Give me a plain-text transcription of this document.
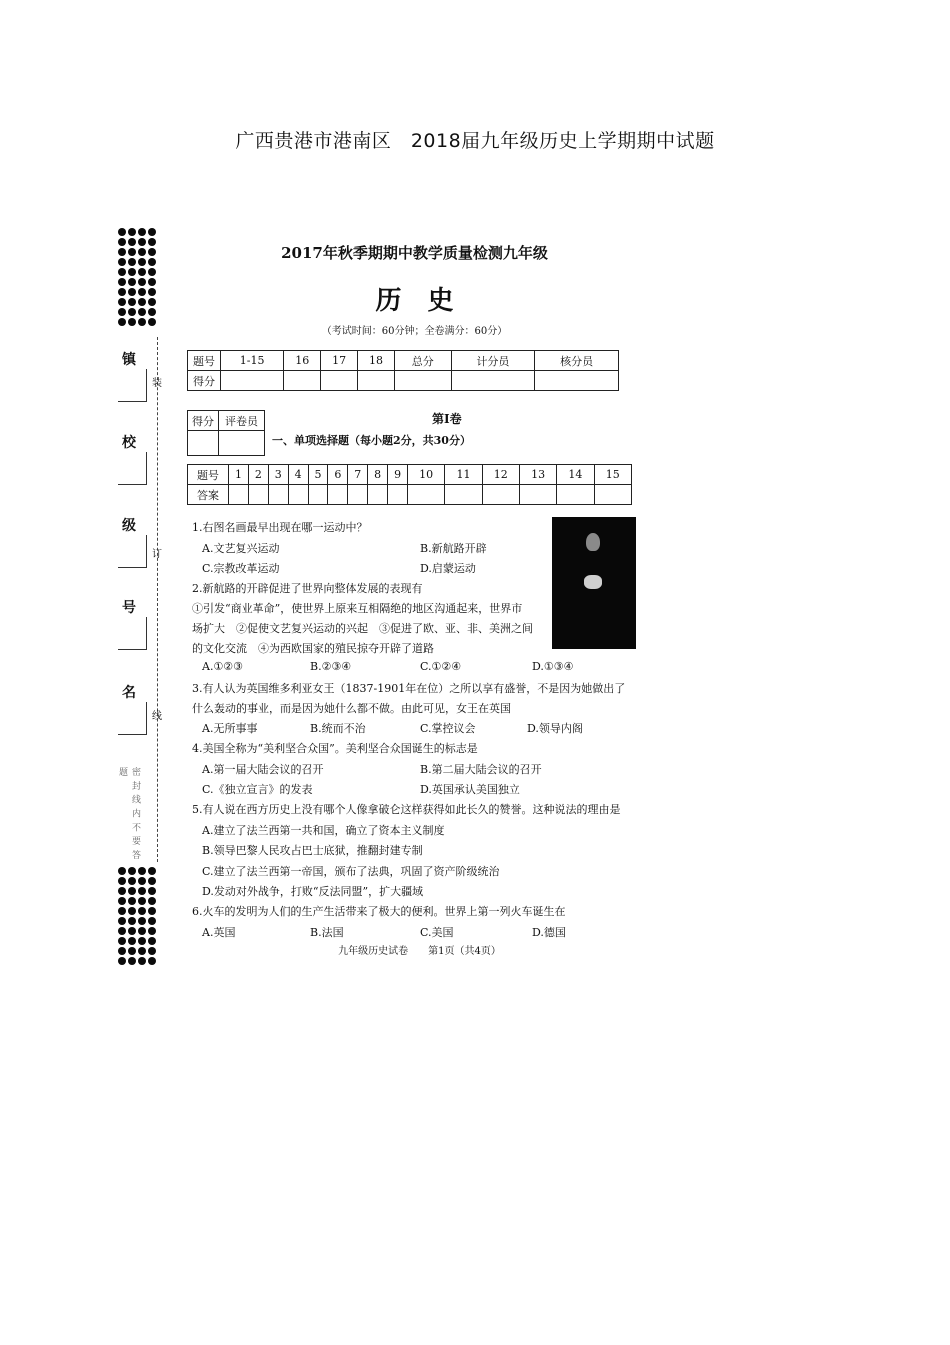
广西贵港市港南区　2018届九年级历史上学期期中试题
镇
装
校
级
订
号
名
线
密 封 线 内 不 要 答 题
2017年秋季期期中教学质量检测九年级
历　史
（考试时间：60分钟；全卷满分：60分）
题号	1-15	16	17	18	总分	计分员	核分员
得分							
得分	评卷员
		第Ⅰ卷
一、单项选择题（每小题2分，共30分）
题号	1	2	3	4	5	6	7	8	9	10	11	12	13	14	15
答案															
1.右图名画最早出现在哪一运动中？
A.文艺复兴运动	B.新航路开辟
C.宗教改革运动	D.启蒙运动
2.新航路的开辟促进了世界向整体发展的表现有
①引发“商业革命”，使世界上原来互相隔绝的地区沟通起来，世界市
场扩大　②促使文艺复兴运动的兴起　③促进了欧、亚、非、美洲之间
的文化交流　④为西欧国家的殖民掠夺开辟了道路
A.①②③	B.②③④	C.①②④	D.①③④
3.有人认为英国维多利亚女王（1837-1901年在位）之所以享有盛誉，不是因为她做出了
什么轰动的事业，而是因为她什么都不做。由此可见，女王在英国
A.无所事事	B.统而不治	C.掌控议会	D.领导内阁
4.美国全称为“美利坚合众国”。美利坚合众国诞生的标志是
A.第一届大陆会议的召开	B.第二届大陆会议的召开
C.《独立宣言》的发表	D.英国承认美国独立
5.有人说在西方历史上没有哪个人像拿破仑这样获得如此长久的赞誉。这种说法的理由是
A.建立了法兰西第一共和国，确立了资本主义制度
B.领导巴黎人民攻占巴士底狱，推翻封建专制
C.建立了法兰西第一帝国，颁布了法典，巩固了资产阶级统治
D.发动对外战争，打败“反法同盟”，扩大疆域
6.火车的发明为人们的生产生活带来了极大的便利。世界上第一列火车诞生在
A.英国	B.法国	C.美国	D.德国
九年级历史试卷　　第1页（共4页）
